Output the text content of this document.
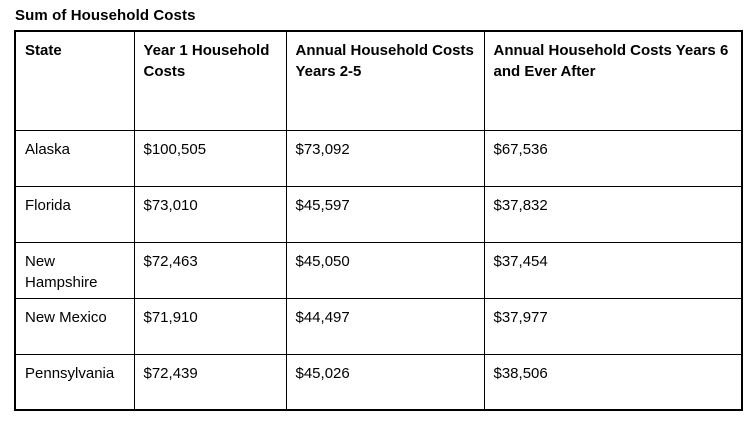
Sum of Household Costs
State	Year 1 Household Costs	Annual Household Costs Years 2-5	Annual Household Costs Years 6 and Ever After
Alaska	$100,505	$73,092	$67,536
Florida	$73,010	$45,597	$37,832
New Hampshire	$72,463	$45,050	$37,454
New Mexico	$71,910	$44,497	$37,977
Pennsylvania	$72,439	$45,026	$38,506
